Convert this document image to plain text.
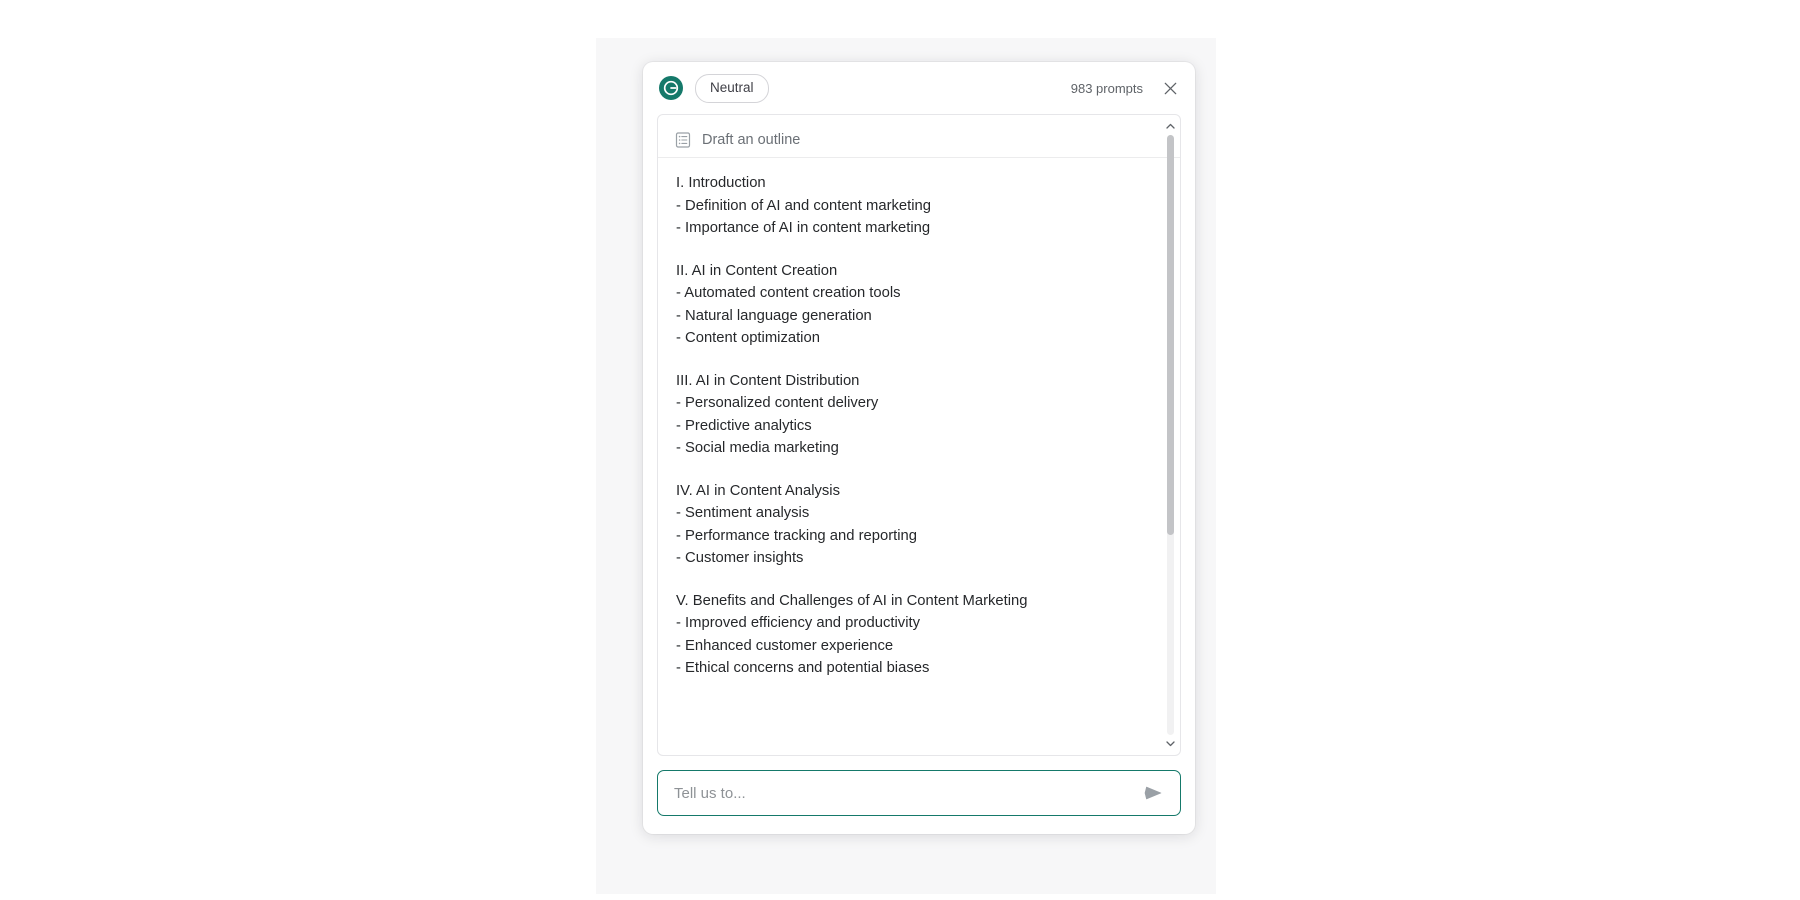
Neutral	983 prompts
Draft an outline
I. Introduction
- Definition of AI and content marketing
- Importance of AI in content marketing
II. AI in Content Creation
- Automated content creation tools
- Natural language generation
- Content optimization
III. AI in Content Distribution
- Personalized content delivery
- Predictive analytics
- Social media marketing
IV. AI in Content Analysis
- Sentiment analysis
- Performance tracking and reporting
- Customer insights
V. Benefits and Challenges of AI in Content Marketing
- Improved efficiency and productivity
- Enhanced customer experience
- Ethical concerns and potential biases
Tell us to...
